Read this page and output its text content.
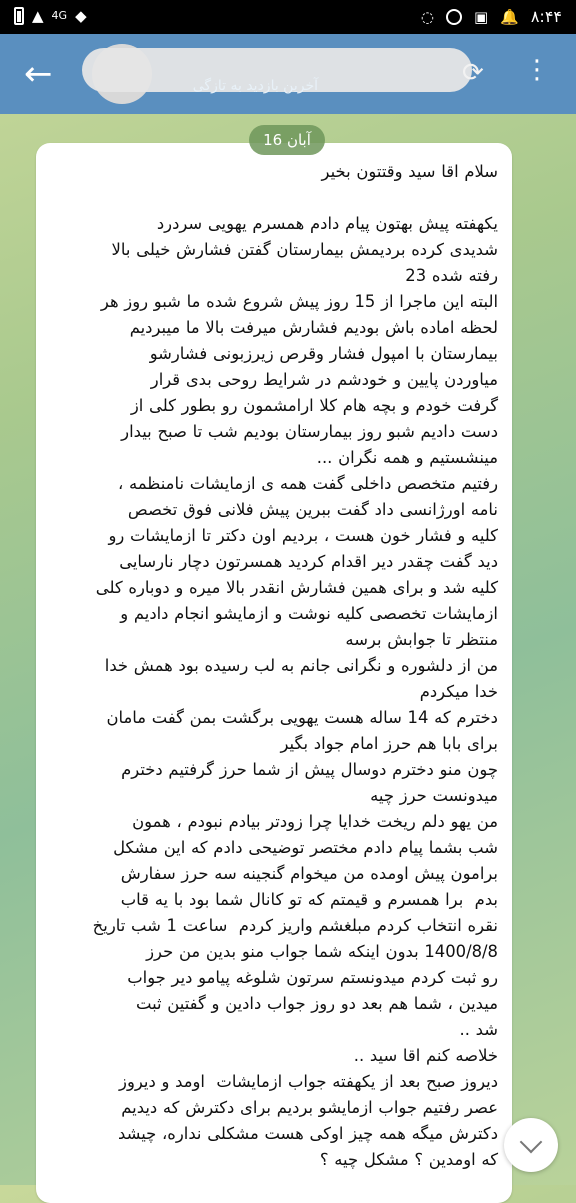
▲ 4G ◆	◌	▣ 🔔 ۸:۴۴
←	آخرین بازدید به تازگی	⟳ ⋮
سلام اقا سید وقتتون بخیر

یکهفته پیش بهتون پیام دادم همسرم یهویی سردرد
شدیدی کرده بردیمش بیمارستان گفتن فشارش خیلی بالا
رفته شده 23
البته این ماجرا از 15 روز پیش شروع شده ما شبو روز هر
لحظه اماده باش بودیم فشارش میرفت بالا ما میبردیم
بیمارستان با امپول فشار وقرص زیرزبونی فشارشو
میاوردن پایین و خودشم در شرایط روحی بدی قرار
گرفت خودم و بچه هام کلا ارامشمون رو بطور کلی از
دست دادیم شبو روز بیمارستان بودیم شب تا صبح بیدار
مینشستیم و همه نگران ...
رفتیم متخصص داخلی گفت همه ی ازمایشات نامنظمه ،
نامه اورژانسی داد گفت ببرین پیش فلانی فوق تخصص
کلیه و فشار خون هست ، بردیم اون دکتر تا ازمایشات رو
دید گفت چقدر دیر اقدام کردید همسرتون دچار نارسایی
کلیه شد و برای همین فشارش انقدر بالا میره و دوباره کلی
ازمایشات تخصصی کلیه نوشت و ازمایشو انجام دادیم و
منتظر تا جوابش برسه
من از دلشوره و نگرانی جانم به لب رسیده بود همش خدا
خدا میکردم
دخترم که 14 ساله هست یهویی برگشت بمن گفت مامان
برای بابا هم حرز امام جواد بگیر
چون منو دخترم دوسال پیش از شما حرز گرفتیم دخترم
میدونست حرز چیه
من یهو دلم ریخت خدایا چرا زودتر بیادم نبودم ، همون
شب بشما پیام دادم مختصر توضیحی دادم که این مشکل
برامون پیش اومده من میخوام گنجینه سه حرز سفارش
بدم  برا همسرم و قیمتم که تو کانال شما بود با یه قاب
نقره انتخاب کردم مبلغشم واریز کردم  ساعت 1 شب تاریخ
1400/8/8 بدون اینکه شما جواب منو بدین من حرز
رو ثبت کردم میدونستم سرتون شلوغه پیامو دیر جواب
میدین ، شما هم بعد دو روز جواب دادین و گفتین ثبت
شد ..
خلاصه کنم اقا سید ..
دیروز صبح بعد از یکهفته جواب ازمایشات  اومد و دیروز
عصر رفتیم جواب ازمایشو بردیم برای دکترش که دیدیم
دکترش میگه همه چیز اوکی هست مشکلی نداره، چیشد
که اومدین ؟ مشکل چیه ؟
16 آبان
